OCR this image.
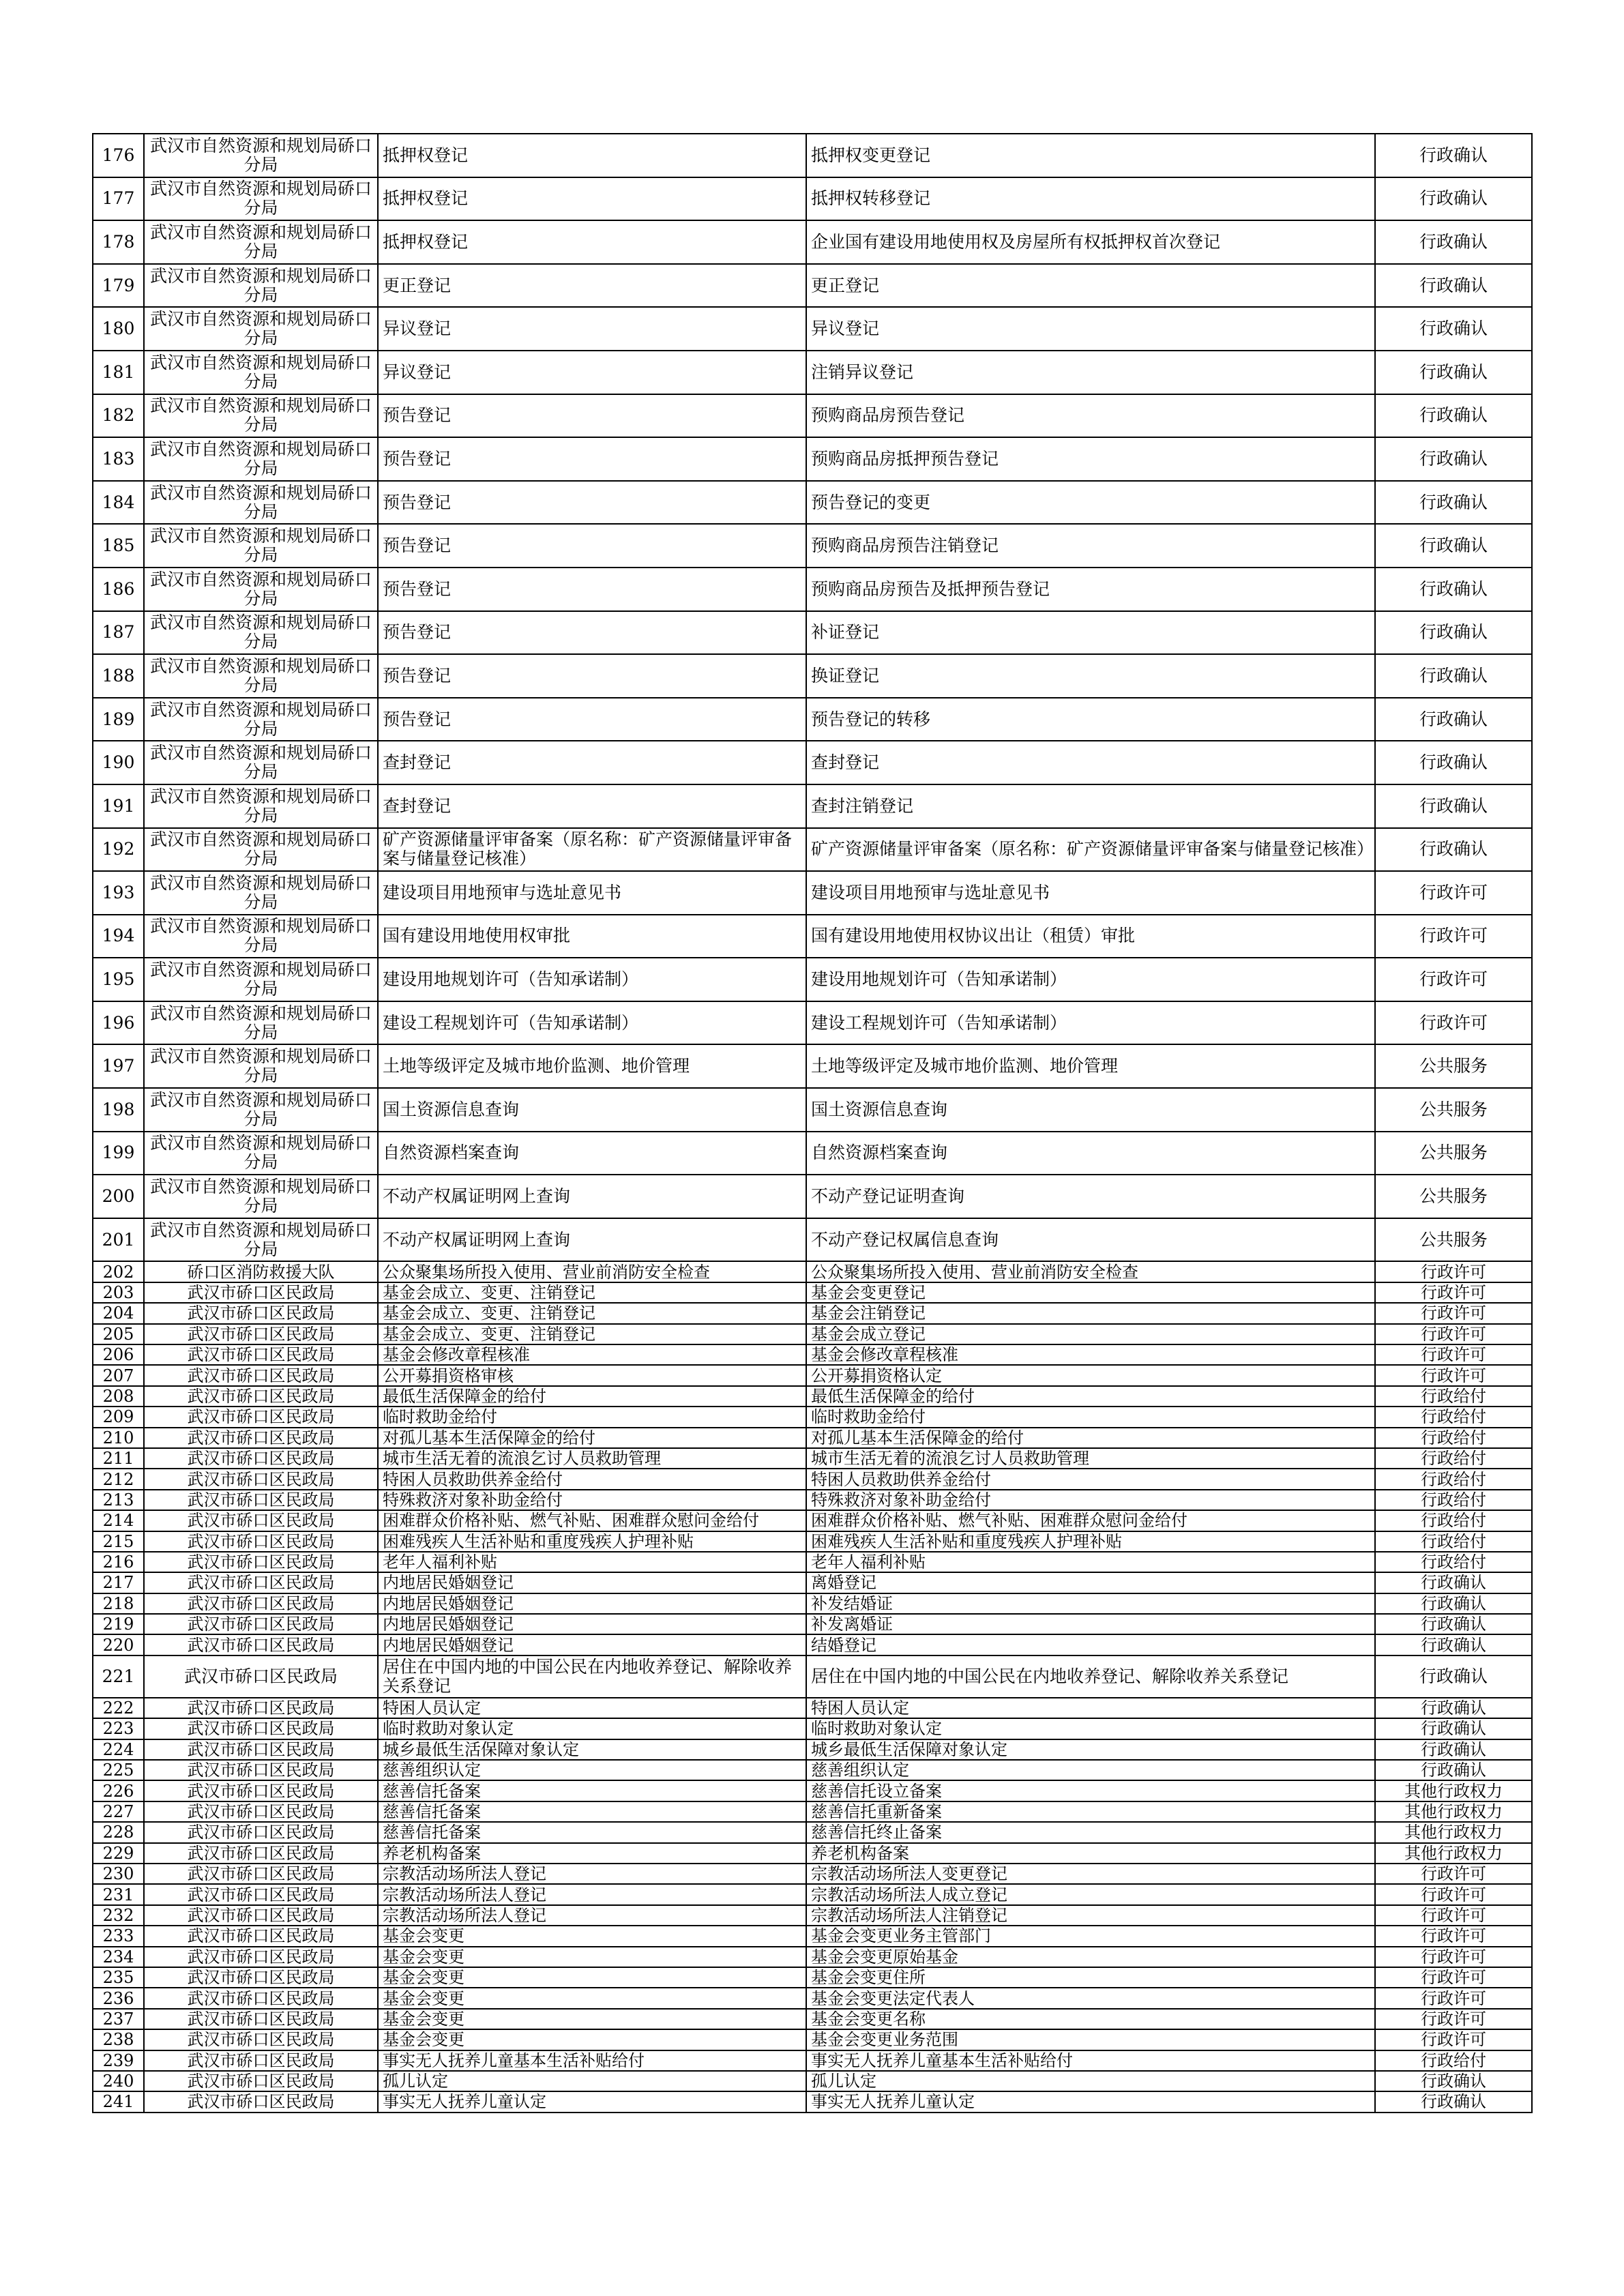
176	武汉市自然资源和规划局硚口分局	抵押权登记	抵押权变更登记	行政确认
177	武汉市自然资源和规划局硚口分局	抵押权登记	抵押权转移登记	行政确认
178	武汉市自然资源和规划局硚口分局	抵押权登记	企业国有建设用地使用权及房屋所有权抵押权首次登记	行政确认
179	武汉市自然资源和规划局硚口分局	更正登记	更正登记	行政确认
180	武汉市自然资源和规划局硚口分局	异议登记	异议登记	行政确认
181	武汉市自然资源和规划局硚口分局	异议登记	注销异议登记	行政确认
182	武汉市自然资源和规划局硚口分局	预告登记	预购商品房预告登记	行政确认
183	武汉市自然资源和规划局硚口分局	预告登记	预购商品房抵押预告登记	行政确认
184	武汉市自然资源和规划局硚口分局	预告登记	预告登记的变更	行政确认
185	武汉市自然资源和规划局硚口分局	预告登记	预购商品房预告注销登记	行政确认
186	武汉市自然资源和规划局硚口分局	预告登记	预购商品房预告及抵押预告登记	行政确认
187	武汉市自然资源和规划局硚口分局	预告登记	补证登记	行政确认
188	武汉市自然资源和规划局硚口分局	预告登记	换证登记	行政确认
189	武汉市自然资源和规划局硚口分局	预告登记	预告登记的转移	行政确认
190	武汉市自然资源和规划局硚口分局	查封登记	查封登记	行政确认
191	武汉市自然资源和规划局硚口分局	查封登记	查封注销登记	行政确认
192	武汉市自然资源和规划局硚口分局	矿产资源储量评审备案（原名称：矿产资源储量评审备案与储量登记核准）	矿产资源储量评审备案（原名称：矿产资源储量评审备案与储量登记核准）	行政确认
193	武汉市自然资源和规划局硚口分局	建设项目用地预审与选址意见书	建设项目用地预审与选址意见书	行政许可
194	武汉市自然资源和规划局硚口分局	国有建设用地使用权审批	国有建设用地使用权协议出让（租赁）审批	行政许可
195	武汉市自然资源和规划局硚口分局	建设用地规划许可（告知承诺制）	建设用地规划许可（告知承诺制）	行政许可
196	武汉市自然资源和规划局硚口分局	建设工程规划许可（告知承诺制）	建设工程规划许可（告知承诺制）	行政许可
197	武汉市自然资源和规划局硚口分局	土地等级评定及城市地价监测、地价管理	土地等级评定及城市地价监测、地价管理	公共服务
198	武汉市自然资源和规划局硚口分局	国土资源信息查询	国土资源信息查询	公共服务
199	武汉市自然资源和规划局硚口分局	自然资源档案查询	自然资源档案查询	公共服务
200	武汉市自然资源和规划局硚口分局	不动产权属证明网上查询	不动产登记证明查询	公共服务
201	武汉市自然资源和规划局硚口分局	不动产权属证明网上查询	不动产登记权属信息查询	公共服务
202	硚口区消防救援大队	公众聚集场所投入使用、营业前消防安全检查	公众聚集场所投入使用、营业前消防安全检查	行政许可
203	武汉市硚口区民政局	基金会成立、变更、注销登记	基金会变更登记	行政许可
204	武汉市硚口区民政局	基金会成立、变更、注销登记	基金会注销登记	行政许可
205	武汉市硚口区民政局	基金会成立、变更、注销登记	基金会成立登记	行政许可
206	武汉市硚口区民政局	基金会修改章程核准	基金会修改章程核准	行政许可
207	武汉市硚口区民政局	公开募捐资格审核	公开募捐资格认定	行政许可
208	武汉市硚口区民政局	最低生活保障金的给付	最低生活保障金的给付	行政给付
209	武汉市硚口区民政局	临时救助金给付	临时救助金给付	行政给付
210	武汉市硚口区民政局	对孤儿基本生活保障金的给付	对孤儿基本生活保障金的给付	行政给付
211	武汉市硚口区民政局	城市生活无着的流浪乞讨人员救助管理	城市生活无着的流浪乞讨人员救助管理	行政给付
212	武汉市硚口区民政局	特困人员救助供养金给付	特困人员救助供养金给付	行政给付
213	武汉市硚口区民政局	特殊救济对象补助金给付	特殊救济对象补助金给付	行政给付
214	武汉市硚口区民政局	困难群众价格补贴、燃气补贴、困难群众慰问金给付	困难群众价格补贴、燃气补贴、困难群众慰问金给付	行政给付
215	武汉市硚口区民政局	困难残疾人生活补贴和重度残疾人护理补贴	困难残疾人生活补贴和重度残疾人护理补贴	行政给付
216	武汉市硚口区民政局	老年人福利补贴	老年人福利补贴	行政给付
217	武汉市硚口区民政局	内地居民婚姻登记	离婚登记	行政确认
218	武汉市硚口区民政局	内地居民婚姻登记	补发结婚证	行政确认
219	武汉市硚口区民政局	内地居民婚姻登记	补发离婚证	行政确认
220	武汉市硚口区民政局	内地居民婚姻登记	结婚登记	行政确认
221	武汉市硚口区民政局	居住在中国内地的中国公民在内地收养登记、解除收养关系登记	居住在中国内地的中国公民在内地收养登记、解除收养关系登记	行政确认
222	武汉市硚口区民政局	特困人员认定	特困人员认定	行政确认
223	武汉市硚口区民政局	临时救助对象认定	临时救助对象认定	行政确认
224	武汉市硚口区民政局	城乡最低生活保障对象认定	城乡最低生活保障对象认定	行政确认
225	武汉市硚口区民政局	慈善组织认定	慈善组织认定	行政确认
226	武汉市硚口区民政局	慈善信托备案	慈善信托设立备案	其他行政权力
227	武汉市硚口区民政局	慈善信托备案	慈善信托重新备案	其他行政权力
228	武汉市硚口区民政局	慈善信托备案	慈善信托终止备案	其他行政权力
229	武汉市硚口区民政局	养老机构备案	养老机构备案	其他行政权力
230	武汉市硚口区民政局	宗教活动场所法人登记	宗教活动场所法人变更登记	行政许可
231	武汉市硚口区民政局	宗教活动场所法人登记	宗教活动场所法人成立登记	行政许可
232	武汉市硚口区民政局	宗教活动场所法人登记	宗教活动场所法人注销登记	行政许可
233	武汉市硚口区民政局	基金会变更	基金会变更业务主管部门	行政许可
234	武汉市硚口区民政局	基金会变更	基金会变更原始基金	行政许可
235	武汉市硚口区民政局	基金会变更	基金会变更住所	行政许可
236	武汉市硚口区民政局	基金会变更	基金会变更法定代表人	行政许可
237	武汉市硚口区民政局	基金会变更	基金会变更名称	行政许可
238	武汉市硚口区民政局	基金会变更	基金会变更业务范围	行政许可
239	武汉市硚口区民政局	事实无人抚养儿童基本生活补贴给付	事实无人抚养儿童基本生活补贴给付	行政给付
240	武汉市硚口区民政局	孤儿认定	孤儿认定	行政确认
241	武汉市硚口区民政局	事实无人抚养儿童认定	事实无人抚养儿童认定	行政确认
